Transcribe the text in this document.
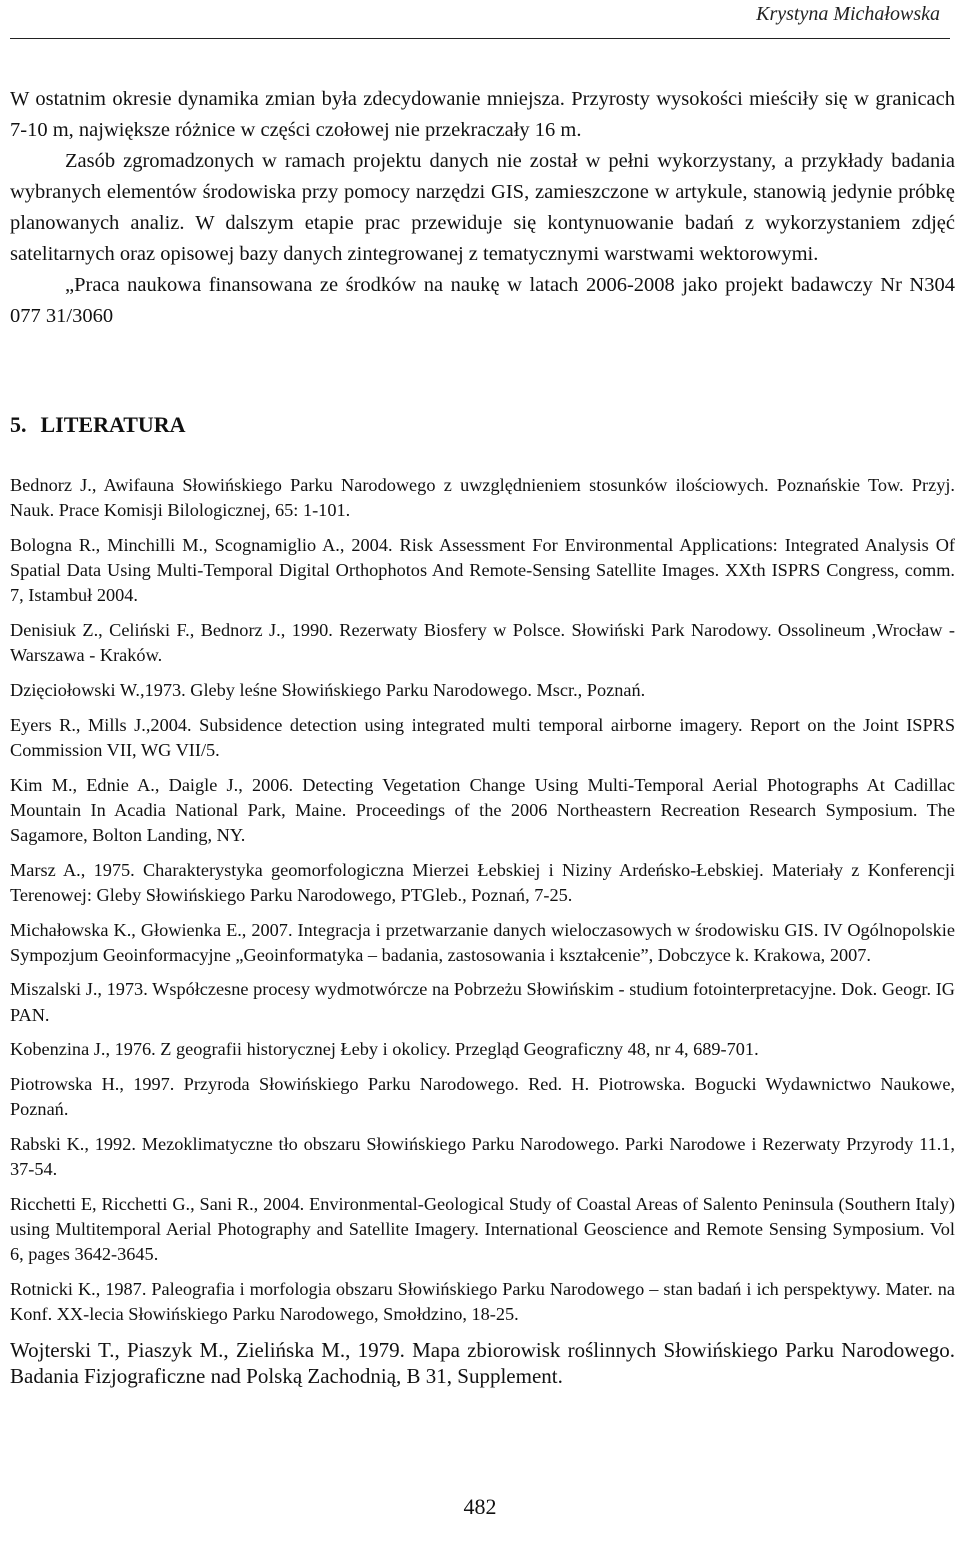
Krystyna Michałowska

W ostatnim okresie dynamika zmian była zdecydowanie mniejsza. Przyrosty wysokości mieściły się w granicach 7-10 m, największe różnice w części czołowej nie przekraczały 16 m.

Zasób zgromadzonych w ramach projektu danych nie został w pełni wykorzystany, a przykłady badania wybranych elementów środowiska przy pomocy narzędzi GIS, zamieszczone w artykule, stanowią jedynie próbkę planowanych analiz. W dalszym etapie prac przewiduje się kontynuowanie badań z wykorzystaniem zdjęć satelitarnych oraz opisowej bazy danych zintegrowanej z tematycznymi warstwami wektorowymi.

„Praca naukowa finansowana ze środków na naukę w latach 2006-2008 jako projekt badawczy Nr N304 077 31/3060

5. LITERATURA

Bednorz J., Awifauna Słowińskiego Parku Narodowego z uwzględnieniem stosunków ilościowych. Poznańskie Tow. Przyj. Nauk. Prace Komisji Bilologicznej, 65: 1-101.

Bologna R., Minchilli M., Scognamiglio A., 2004. Risk Assessment For Environmental Applications: Integrated Analysis Of Spatial Data Using Multi-Temporal Digital Orthophotos And Remote-Sensing Satellite Images. XXth ISPRS Congress, comm. 7, Istambuł 2004.

Denisiuk Z., Celiński F., Bednorz J., 1990. Rezerwaty Biosfery w Polsce. Słowiński Park Narodowy. Ossolineum ,Wrocław - Warszawa - Kraków.

Dzięciołowski W.,1973. Gleby leśne Słowińskiego Parku Narodowego. Mscr., Poznań.

Eyers R., Mills J.,2004. Subsidence detection using integrated multi temporal airborne imagery. Report on the Joint ISPRS Commission VII, WG VII/5.

Kim M., Ednie A., Daigle J., 2006. Detecting Vegetation Change Using Multi-Temporal Aerial Photographs At Cadillac Mountain In Acadia National Park, Maine. Proceedings of the 2006 Northeastern Recreation Research Symposium. The Sagamore, Bolton Landing, NY.

Marsz A., 1975. Charakterystyka geomorfologiczna Mierzei Łebskiej i Niziny Ardeńsko-Łebskiej. Materiały z Konferencji Terenowej: Gleby Słowińskiego Parku Narodowego, PTGleb., Poznań, 7-25.

Michałowska K., Głowienka E., 2007. Integracja i przetwarzanie danych wieloczasowych w środowisku GIS. IV Ogólnopolskie Sympozjum Geoinformacyjne „Geoinformatyka – badania, zastosowania i kształcenie”, Dobczyce k. Krakowa, 2007.

Miszalski J., 1973. Współczesne procesy wydmotwórcze na Pobrzeżu Słowińskim - studium fotointerpretacyjne. Dok. Geogr. IG PAN.

Kobenzina J., 1976. Z geografii historycznej Łeby i okolicy. Przegląd Geograficzny 48, nr 4, 689-701.

Piotrowska H., 1997. Przyroda Słowińskiego Parku Narodowego. Red. H. Piotrowska. Bogucki Wydawnictwo Naukowe, Poznań.

Rabski K., 1992. Mezoklimatyczne tło obszaru Słowińskiego Parku Narodowego. Parki Narodowe i Rezerwaty Przyrody 11.1, 37-54.

Ricchetti E, Ricchetti G., Sani R., 2004. Environmental-Geological Study of Coastal Areas of Salento Peninsula (Southern Italy) using Multitemporal Aerial Photography and Satellite Imagery. International Geoscience and Remote Sensing Symposium. Vol 6, pages 3642-3645.

Rotnicki K., 1987. Paleografia i morfologia obszaru Słowińskiego Parku Narodowego – stan badań i ich perspektywy. Mater. na Konf. XX-lecia Słowińskiego Parku Narodowego, Smołdzino, 18-25.

Wojterski T., Piaszyk M., Zielińska M., 1979. Mapa zbiorowisk roślinnych Słowińskiego Parku Narodowego. Badania Fizjograficzne nad Polską Zachodnią, B 31, Supplement.

482
